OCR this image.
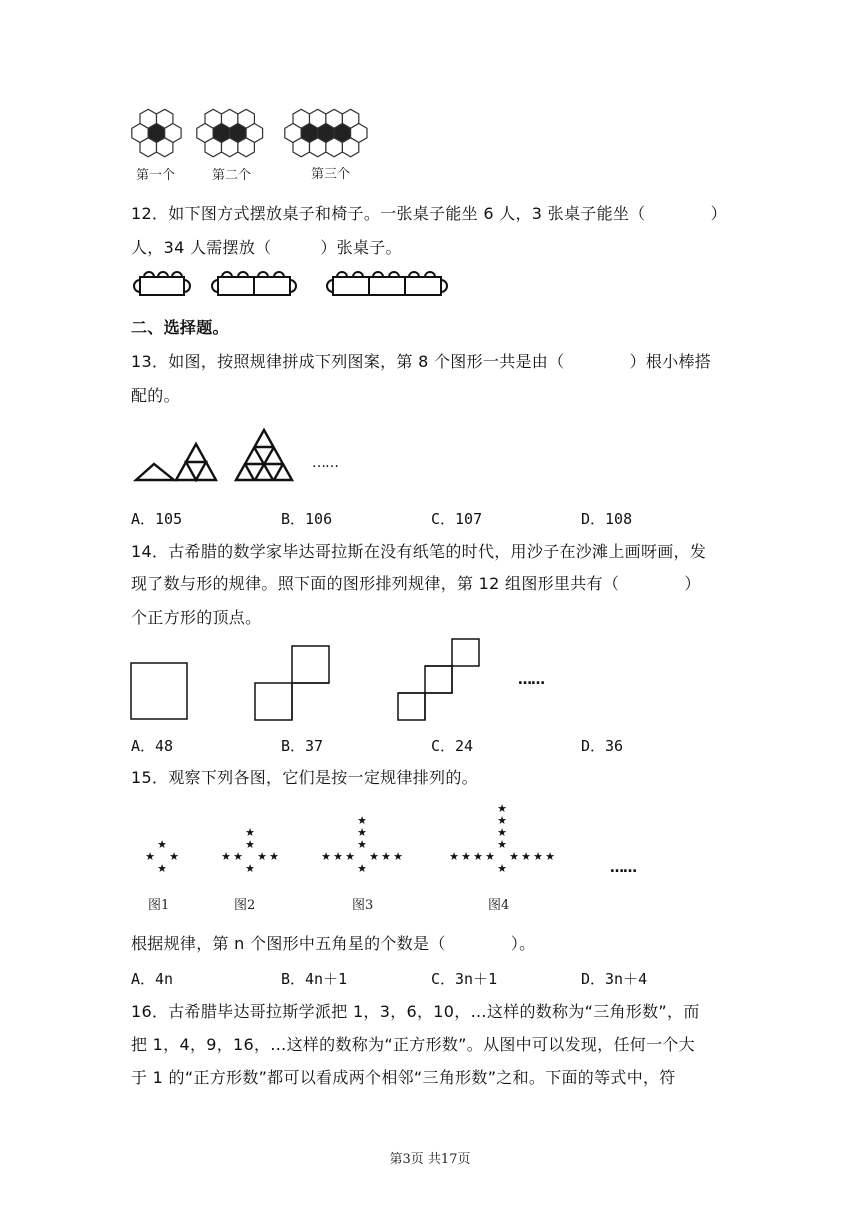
第一个	第二个	第三个
12．如下图方式摆放桌子和椅子。一张桌子能坐 6 人，3 张桌子能坐（　　　　）
人，34 人需摆放（　　　）张桌子。
二、选择题。
13．如图，按照规律拼成下列图案，第 8 个图形一共是由（　　　　）根小棒搭
配的。
……
A．105	B．106	C．107	D．108
14．古希腊的数学家毕达哥拉斯在没有纸笔的时代，用沙子在沙滩上画呀画，发
现了数与形的规律。照下面的图形排列规律，第 12 组图形里共有（　　　　）
个正方形的顶点。
……
A．48	B．37	C．24	D．36
15．观察下列各图，它们是按一定规律排列的。
★ ★
★
★
★
★ ★ ★
★
★
★
★
★
★	★ ★ ★
★
★
★
★
★
★
★
★	★ ★ ★ ★
★
★
★
★
★
图1	图2	图3	图4
……
根据规律，第 n 个图形中五角星的个数是（　　　　）。
A．4n	B．4n＋1	C．3n＋1	D．3n＋4
16．古希腊毕达哥拉斯学派把 1，3，6，10，…这样的数称为“三角形数”，而
把 1，4，9，16，…这样的数称为“正方形数”。从图中可以发现，任何一个大
于 1 的“正方形数”都可以看成两个相邻“三角形数”之和。下面的等式中，符
第3页 共17页
